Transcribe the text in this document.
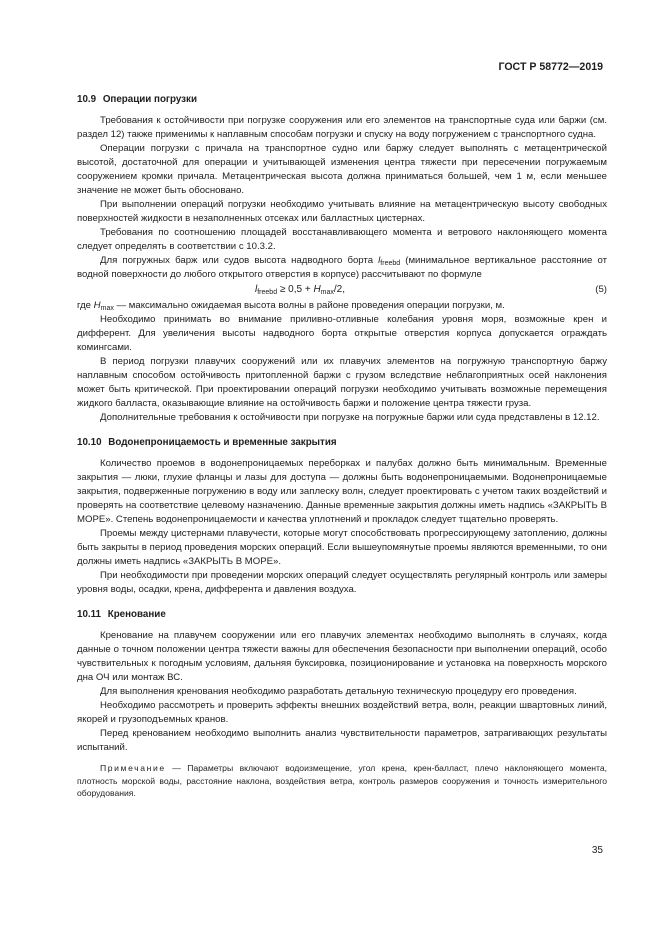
ГОСТ Р 58772—2019
10.9 Операции погрузки

Требования к остойчивости при погрузке сооружения или его элементов на транспортные суда или баржи (см. раздел 12) также применимы к наплавным способам погрузки и спуску на воду погружением с транспортного судна.

Операции погрузки с причала на транспортное судно или баржу следует выполнять с метацентрической высотой, достаточной для операции и учитывающей изменения центра тяжести при пересечении погружаемым сооружением кромки причала. Метацентрическая высота должна приниматься большей, чем 1 м, если меньшее значение не может быть обосновано.

При выполнении операций погрузки необходимо учитывать влияние на метацентрическую высоту свободных поверхностей жидкости в незаполненных отсеках или балластных цистернах.

Требования по соотношению площадей восстанавливающего момента и ветрового наклоняющего момента следует определять в соответствии с 10.3.2.

Для погружных барж или судов высота надводного борта $l_{freebd}$ (минимальное вертикальное расстояние от водной поверхности до любого открытого отверстия в корпусе) рассчитывают по формуле

$l_{freebd} \ge 0,5 + H_{max}/2$,	(5)

где $H_{max}$ — максимально ожидаемая высота волны в районе проведения операции погрузки, м.

Необходимо принимать во внимание приливно-отливные колебания уровня моря, возможные крен и дифферент. Для увеличения высоты надводного борта открытые отверстия корпуса допускается ограждать комингсами.

В период погрузки плавучих сооружений или их плавучих элементов на погружную транспортную баржу наплавным способом остойчивость притопленной баржи с грузом вследствие неблагоприятных осей наклонения может быть критической. При проектировании операций погрузки необходимо учитывать возможные перемещения жидкого балласта, оказывающие влияние на остойчивость баржи и положение центра тяжести груза.

Дополнительные требования к остойчивости при погрузке на погружные баржи или суда представлены в 12.12.

10.10 Водонепроницаемость и временные закрытия

Количество проемов в водонепроницаемых переборках и палубах должно быть минимальным. Временные закрытия — люки, глухие фланцы и лазы для доступа — должны быть водонепроницаемыми. Водонепроницаемые закрытия, подверженные погружению в воду или заплеску волн, следует проектировать с учетом таких воздействий и проверять на соответствие целевому назначению. Данные временные закрытия должны иметь надпись «ЗАКРЫТЬ В МОРЕ». Степень водонепроницаемости и качества уплотнений и прокладок следует тщательно проверять.

Проемы между цистернами плавучести, которые могут способствовать прогрессирующему затоплению, должны быть закрыты в период проведения морских операций. Если вышеупомянутые проемы являются временными, то они должны иметь надпись «ЗАКРЫТЬ В МОРЕ».

При необходимости при проведении морских операций следует осуществлять регулярный контроль или замеры уровня воды, осадки, крена, дифферента и давления воздуха.

10.11 Кренование

Кренование на плавучем сооружении или его плавучих элементах необходимо выполнять в случаях, когда данные о точном положении центра тяжести важны для обеспечения безопасности при выполнении операций, особо чувствительных к погодным условиям, дальняя буксировка, позиционирование и установка на поверхность морского дна ОЧ или монтаж ВС.

Для выполнения кренования необходимо разработать детальную техническую процедуру его проведения.

Необходимо рассмотреть и проверить эффекты внешних воздействий ветра, волн, реакции швартовных линий, якорей и грузоподъемных кранов.

Перед кренованием необходимо выполнить анализ чувствительности параметров, затрагивающих результаты испытаний.

Примечание — Параметры включают водоизмещение, угол крена, крен-балласт, плечо наклоняющего момента, плотность морской воды, расстояние наклона, воздействия ветра, контроль размеров сооружения и точность измерительного оборудования.
35
